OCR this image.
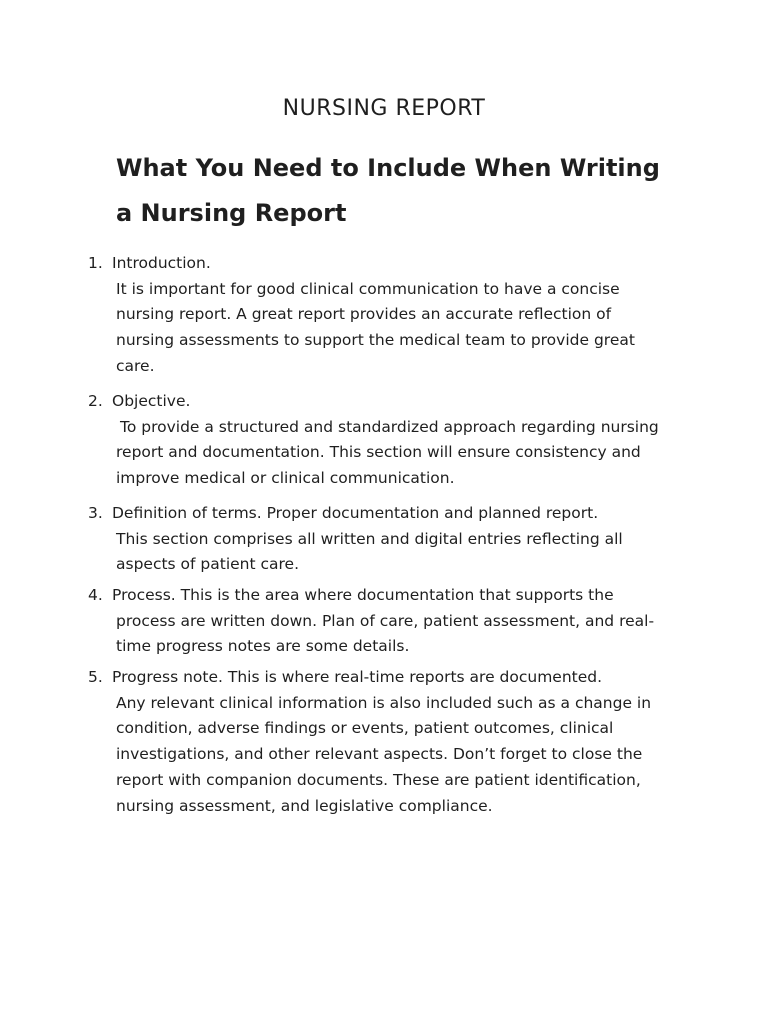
NURSING REPORT
What You Need to Include When Writing a Nursing Report
1. Introduction.
It is important for good clinical communication to have a concise nursing report. A great report provides an accurate reflection of nursing assessments to support the medical team to provide great care.
2. Objective.
To provide a structured and standardized approach regarding nursing report and documentation. This section will ensure consistency and improve medical or clinical communication.
3. Definition of terms. Proper documentation and planned report.
This section comprises all written and digital entries reflecting all aspects of patient care.
4. Process. This is the area where documentation that supports the
process are written down. Plan of care, patient assessment, and real-time progress notes are some details.
5. Progress note. This is where real-time reports are documented.
Any relevant clinical information is also included such as a change in condition, adverse findings or events, patient outcomes, clinical investigations, and other relevant aspects. Don’t forget to close the report with companion documents. These are patient identification, nursing assessment, and legislative compliance.
